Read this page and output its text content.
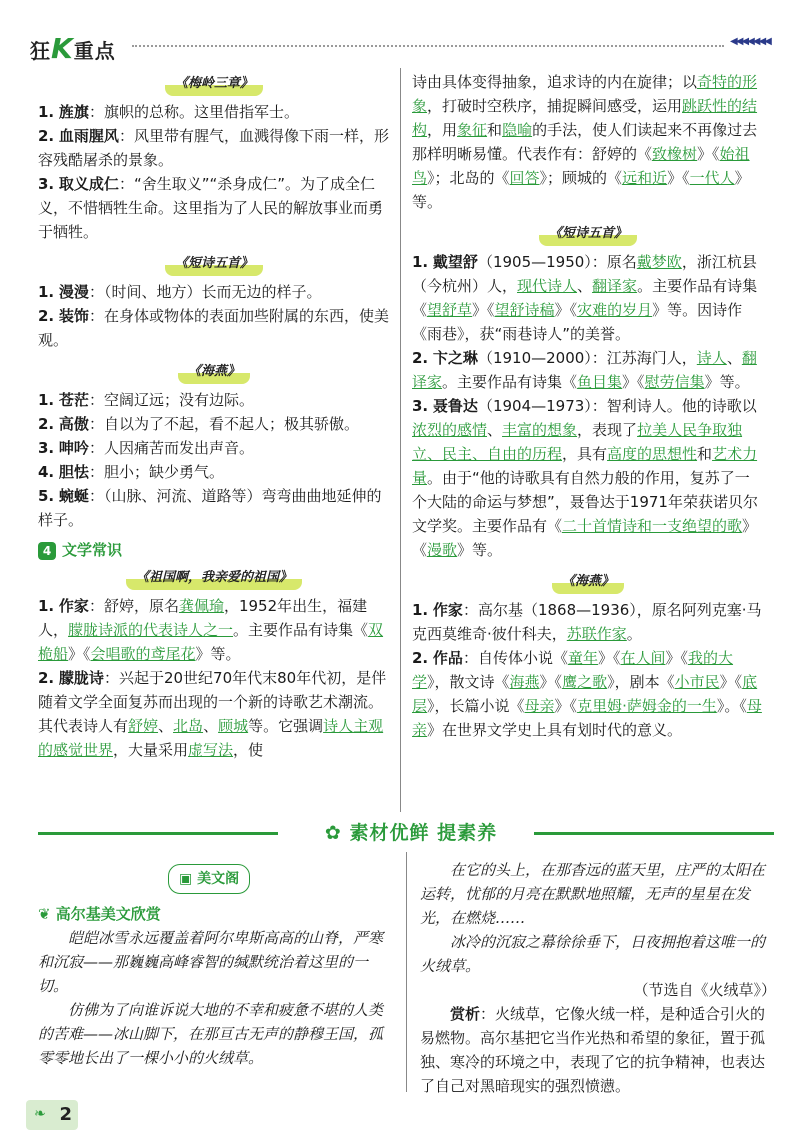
狂K重点	◀◀◀◀◀◀◀
《梅岭三章》
1. 旌旗：旗帜的总称。这里借指军士。
2. 血雨腥风：风里带有腥气，血溅得像下雨一样，形容残酷屠杀的景象。
3. 取义成仁：“舍生取义”“杀身成仁”。为了成全仁义，不惜牺牲生命。这里指为了人民的解放事业而勇于牺牲。
《短诗五首》
1. 漫漫：（时间、地方）长而无边的样子。
2. 装饰：在身体或物体的表面加些附属的东西，使美观。
《海燕》
1. 苍茫：空阔辽远；没有边际。
2. 高傲：自以为了不起，看不起人；极其骄傲。
3. 呻吟：人因痛苦而发出声音。
4. 胆怯：胆小；缺少勇气。
5. 蜿蜒：（山脉、河流、道路等）弯弯曲曲地延伸的样子。
4 文学常识
《祖国啊，我亲爱的祖国》
1. 作家：舒婷，原名龚佩瑜，1952年出生，福建人，朦胧诗派的代表诗人之一。主要作品有诗集《双桅船》《会唱歌的鸢尾花》等。
2. 朦胧诗：兴起于20世纪70年代末80年代初，是伴随着文学全面复苏而出现的一个新的诗歌艺术潮流。其代表诗人有舒婷、北岛、顾城等。它强调诗人主观的感觉世界，大量采用虚写法，使
诗由具体变得抽象，追求诗的内在旋律；以奇特的形象，打破时空秩序，捕捉瞬间感受，运用跳跃性的结构，用象征和隐喻的手法，使人们读起来不再像过去那样明晰易懂。代表作有：舒婷的《致橡树》《始祖鸟》；北岛的《回答》；顾城的《远和近》《一代人》等。
《短诗五首》
1. 戴望舒（1905—1950）：原名戴梦欧，浙江杭县（今杭州）人，现代诗人、翻译家。主要作品有诗集《望舒草》《望舒诗稿》《灾难的岁月》等。因诗作《雨巷》，获“雨巷诗人”的美誉。
2. 卞之琳（1910—2000）：江苏海门人，诗人、翻译家。主要作品有诗集《鱼目集》《慰劳信集》等。
3. 聂鲁达（1904—1973）：智利诗人。他的诗歌以浓烈的感情、丰富的想象，表现了拉美人民争取独立、民主、自由的历程，具有高度的思想性和艺术力量。由于“他的诗歌具有自然力般的作用，复苏了一个大陆的命运与梦想”，聂鲁达于1971年荣获诺贝尔文学奖。主要作品有《二十首情诗和一支绝望的歌》《漫歌》等。
《海燕》
1. 作家：高尔基（1868—1936），原名阿列克塞·马克西莫维奇·彼什科夫，苏联作家。
2. 作品：自传体小说《童年》《在人间》《我的大学》，散文诗《海燕》《鹰之歌》，剧本《小市民》《底层》，长篇小说《母亲》《克里姆·萨姆金的一生》。《母亲》在世界文学史上具有划时代的意义。
✿ 素材优鲜 提素养
▣ 美文阁
❦ 高尔基美文欣赏
皑皑冰雪永远覆盖着阿尔卑斯高高的山脊，严寒和沉寂——那巍巍高峰睿智的缄默统治着这里的一切。
仿佛为了向谁诉说大地的不幸和疲惫不堪的人类的苦难——冰山脚下，在那亘古无声的静穆王国，孤零零地长出了一棵小小的火绒草。
在它的头上，在那杳远的蓝天里，庄严的太阳在运转，忧郁的月亮在默默地照耀，无声的星星在发光，在燃烧……
冰冷的沉寂之幕徐徐垂下，日夜拥抱着这唯一的火绒草。
（节选自《火绒草》）
赏析：火绒草，它像火绒一样，是种适合引火的易燃物。高尔基把它当作光热和希望的象征，置于孤独、寒冷的环境之中，表现了它的抗争精神，也表达了自己对黑暗现实的强烈愤懑。
2
❧
